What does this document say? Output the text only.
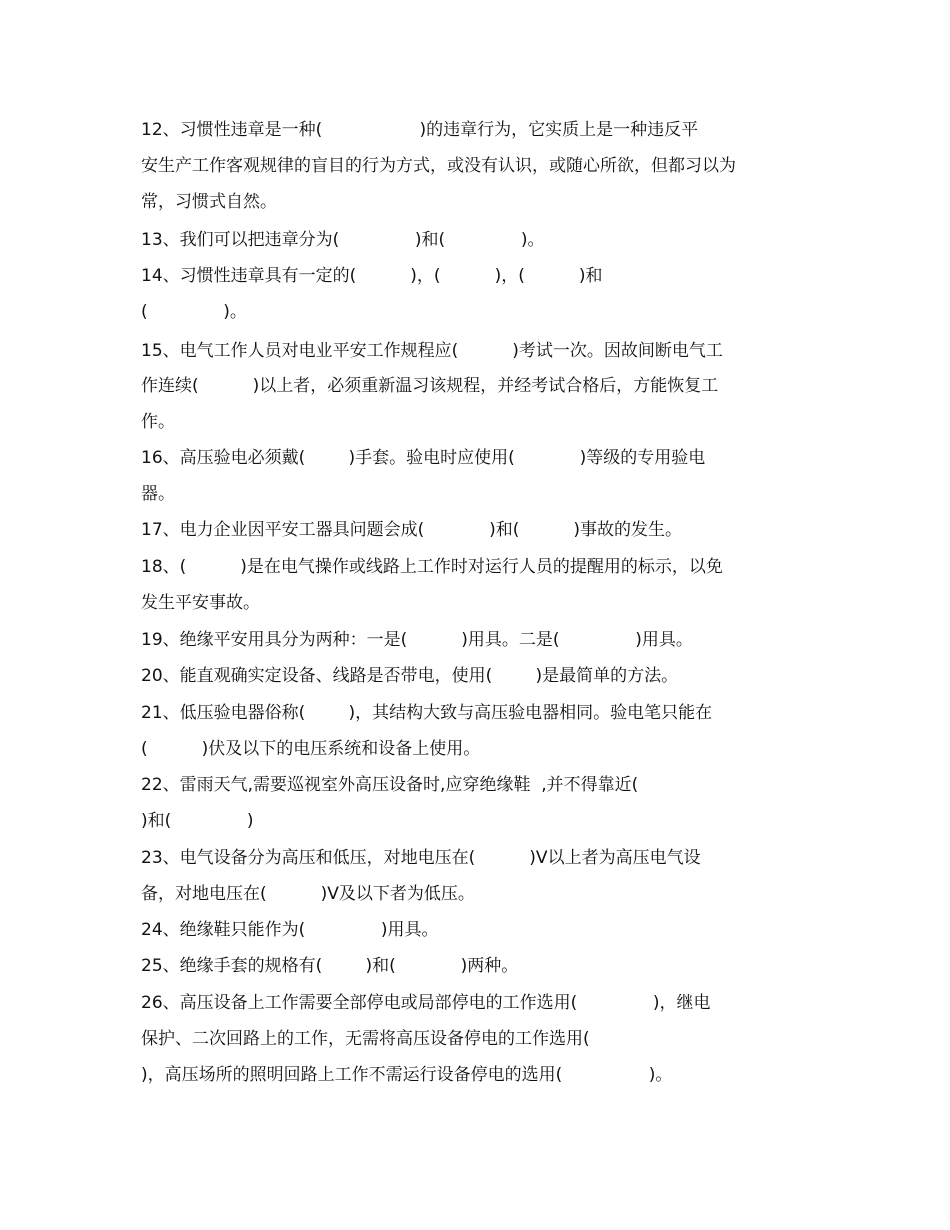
12、习惯性违章是一种(                  )的违章行为，它实质上是一种违反平
安生产工作客观规律的盲目的行为方式，或没有认识，或随心所欲，但都习以为
常，习惯式自然。
13、我们可以把违章分为(              )和(              )。
14、习惯性违章具有一定的(          )，(          )，(          )和
(              )。
15、电气工作人员对电业平安工作规程应(          )考试一次。因故间断电气工
作连续(          )以上者，必须重新温习该规程，并经考试合格后，方能恢复工
作。
16、高压验电必须戴(        )手套。验电时应使用(            )等级的专用验电
器。
17、电力企业因平安工器具问题会成(            )和(          )事故的发生。
18、(          )是在电气操作或线路上工作时对运行人员的提醒用的标示，以免
发生平安事故。
19、绝缘平安用具分为两种：一是(          )用具。二是(              )用具。
20、能直观确实定设备、线路是否带电，使用(        )是最简单的方法。
21、低压验电器俗称(        )，其结构大致与高压验电器相同。验电笔只能在
(          )伏及以下的电压系统和设备上使用。
22、雷雨天气,需要巡视室外高压设备时,应穿绝缘鞋  ,并不得靠近(
)和(              )
23、电气设备分为高压和低压，对地电压在(          )V以上者为高压电气设
备，对地电压在(          )V及以下者为低压。
24、绝缘鞋只能作为(              )用具。
25、绝缘手套的规格有(        )和(            )两种。
26、高压设备上工作需要全部停电或局部停电的工作选用(              )，继电
保护、二次回路上的工作，无需将高压设备停电的工作选用(
)，高压场所的照明回路上工作不需运行设备停电的选用(                )。
